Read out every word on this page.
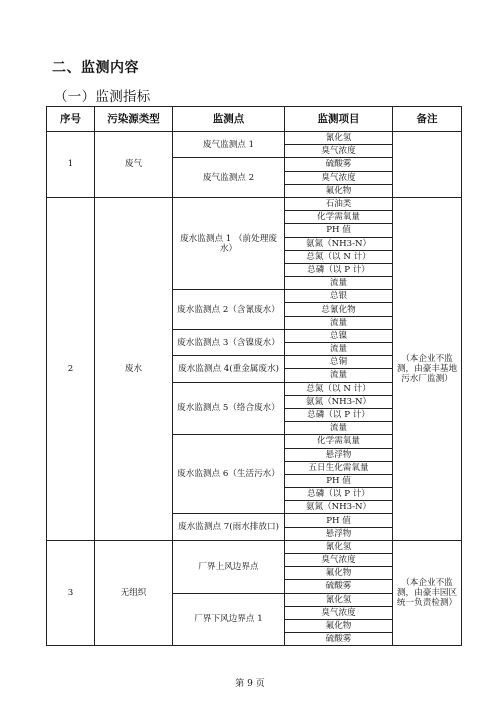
二、监测内容
（一）监测指标
序号	污染源类型	监测点	监测项目	备注
1	废气	废气监测点 1	氰化氢	
			臭气浓度	
		废气监测点 2	硫酸雾	
			臭气浓度	
			氟化物	
2	废水	废水监测点 1 （前处理废水）	石油类	（本企业不监测，由豪丰基地污水厂监测）
			化学需氧量	
			PH 值	
			氨氮（NH3-N）	
			总氮（以 N 计）	
			总磷（以 P 计）	
			流量	
		废水监测点 2（含氰废水）	总银	
			总氰化物	
			流量	
		废水监测点 3（含镍废水）	总镍	
			流量	
		废水监测点 4(重金属废水)	总铜	
			流量	
		废水监测点 5（络合废水）	总氮（以 N 计）	
			氨氮（NH3-N）	
			总磷（以 P 计）	
			流量	
		废水监测点 6（生活污水）	化学需氧量	
			悬浮物	
			五日生化需氧量	
			PH 值	
			总磷（以 P 计）	
			氨氮（NH3-N）	
		废水监测点 7(雨水排放口)	PH 值	
			悬浮物	
3	无组织	厂界上风边界点	氰化氢	（本企业不监测，由豪丰园区统一负责检测）
			臭气浓度	
			氟化物	
			硫酸雾	
		厂界下风边界点 1	氰化氢	
			臭气浓度	
			氟化物	
			硫酸雾	
第 9 页
